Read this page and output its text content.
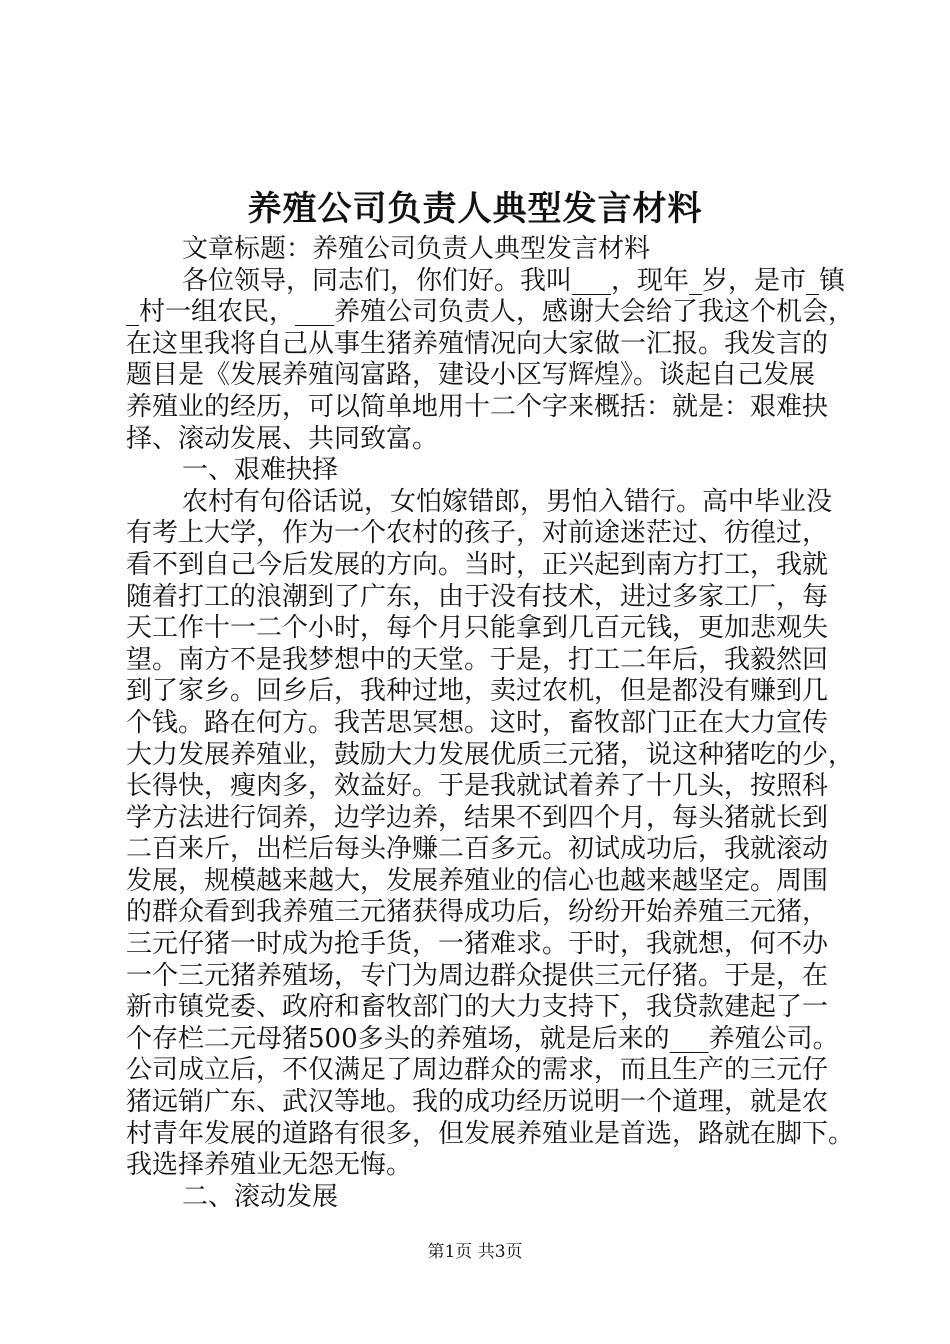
养殖公司负责人典型发言材料
文章标题：养殖公司负责人典型发言材料
各位领导，同志们，你们好。我叫___，现年_岁，是市_镇
_村一组农民，___养殖公司负责人，感谢大会给了我这个机会，
在这里我将自己从事生猪养殖情况向大家做一汇报。我发言的
题目是《发展养殖闯富路，建设小区写辉煌》。谈起自己发展
养殖业的经历，可以简单地用十二个字来概括：就是：艰难抉
择、滚动发展、共同致富。
一、艰难抉择
农村有句俗话说，女怕嫁错郎，男怕入错行。高中毕业没
有考上大学，作为一个农村的孩子，对前途迷茫过、彷徨过，
看不到自己今后发展的方向。当时，正兴起到南方打工，我就
随着打工的浪潮到了广东，由于没有技术，进过多家工厂，每
天工作十一二个小时，每个月只能拿到几百元钱，更加悲观失
望。南方不是我梦想中的天堂。于是，打工二年后，我毅然回
到了家乡。回乡后，我种过地，卖过农机，但是都没有赚到几
个钱。路在何方。我苦思冥想。这时，畜牧部门正在大力宣传
大力发展养殖业，鼓励大力发展优质三元猪，说这种猪吃的少，
长得快，瘦肉多，效益好。于是我就试着养了十几头，按照科
学方法进行饲养，边学边养，结果不到四个月，每头猪就长到
二百来斤，出栏后每头净赚二百多元。初试成功后，我就滚动
发展，规模越来越大，发展养殖业的信心也越来越坚定。周围
的群众看到我养殖三元猪获得成功后，纷纷开始养殖三元猪，
三元仔猪一时成为抢手货，一猪难求。于时，我就想，何不办
一个三元猪养殖场，专门为周边群众提供三元仔猪。于是，在
新市镇党委、政府和畜牧部门的大力支持下，我贷款建起了一
个存栏二元母猪500多头的养殖场，就是后来的___养殖公司。
公司成立后，不仅满足了周边群众的需求，而且生产的三元仔
猪远销广东、武汉等地。我的成功经历说明一个道理，就是农
村青年发展的道路有很多，但发展养殖业是首选，路就在脚下。
我选择养殖业无怨无悔。
二、滚动发展
第1页 共3页
